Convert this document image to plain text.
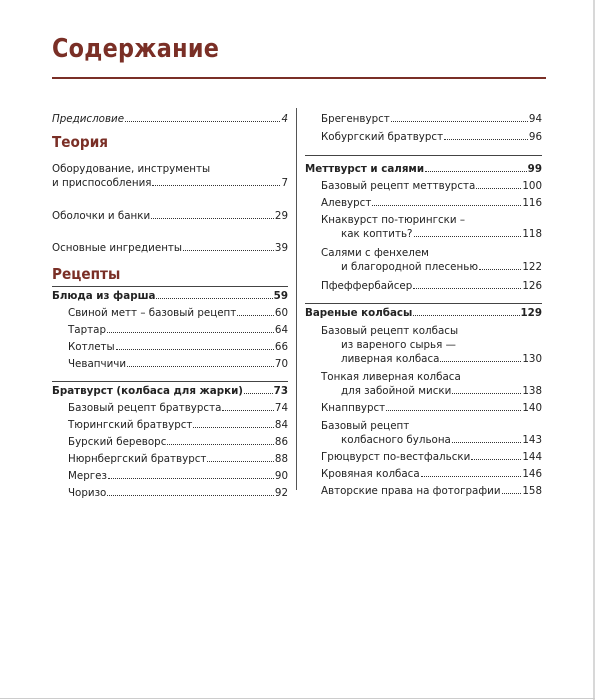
Содержание
Предисловие	4
Теория
Оборудование, инструменты
и приспособления	7
Оболочки и банки	29
Основные ингредиенты	39
Рецепты
Блюда из фарша	59
Свиной метт – базовый рецепт	60
Тартар	64
Котлеты	66
Чевапчичи	70
Братвурст (колбаса для жарки)	73
Базовый рецепт братвурста	74
Тюрингский братвурст	84
Бурский береворс	86
Нюрнбергский братвурст	88
Мергез	90
Чоризо	92
Брегенвурст	94
Кобургский братвурст	96
Меттвурст и салями	99
Базовый рецепт меттвурста	100
Алевурст	116
Кнаквурст по-тюрингски –
как коптить?	118
Салями с фенхелем
и благородной плесенью	122
Пфеффербайсер	126
Вареные колбасы	129
Базовый рецепт колбасы
из вареного сырья —
ливерная колбаса	130
Тонкая ливерная колбаса
для забойной миски	138
Кнаппвурст	140
Базовый рецепт
колбасного бульона	143
Грюцвурст по-вестфальски	144
Кровяная колбаса	146
Авторские права на фотографии 158
